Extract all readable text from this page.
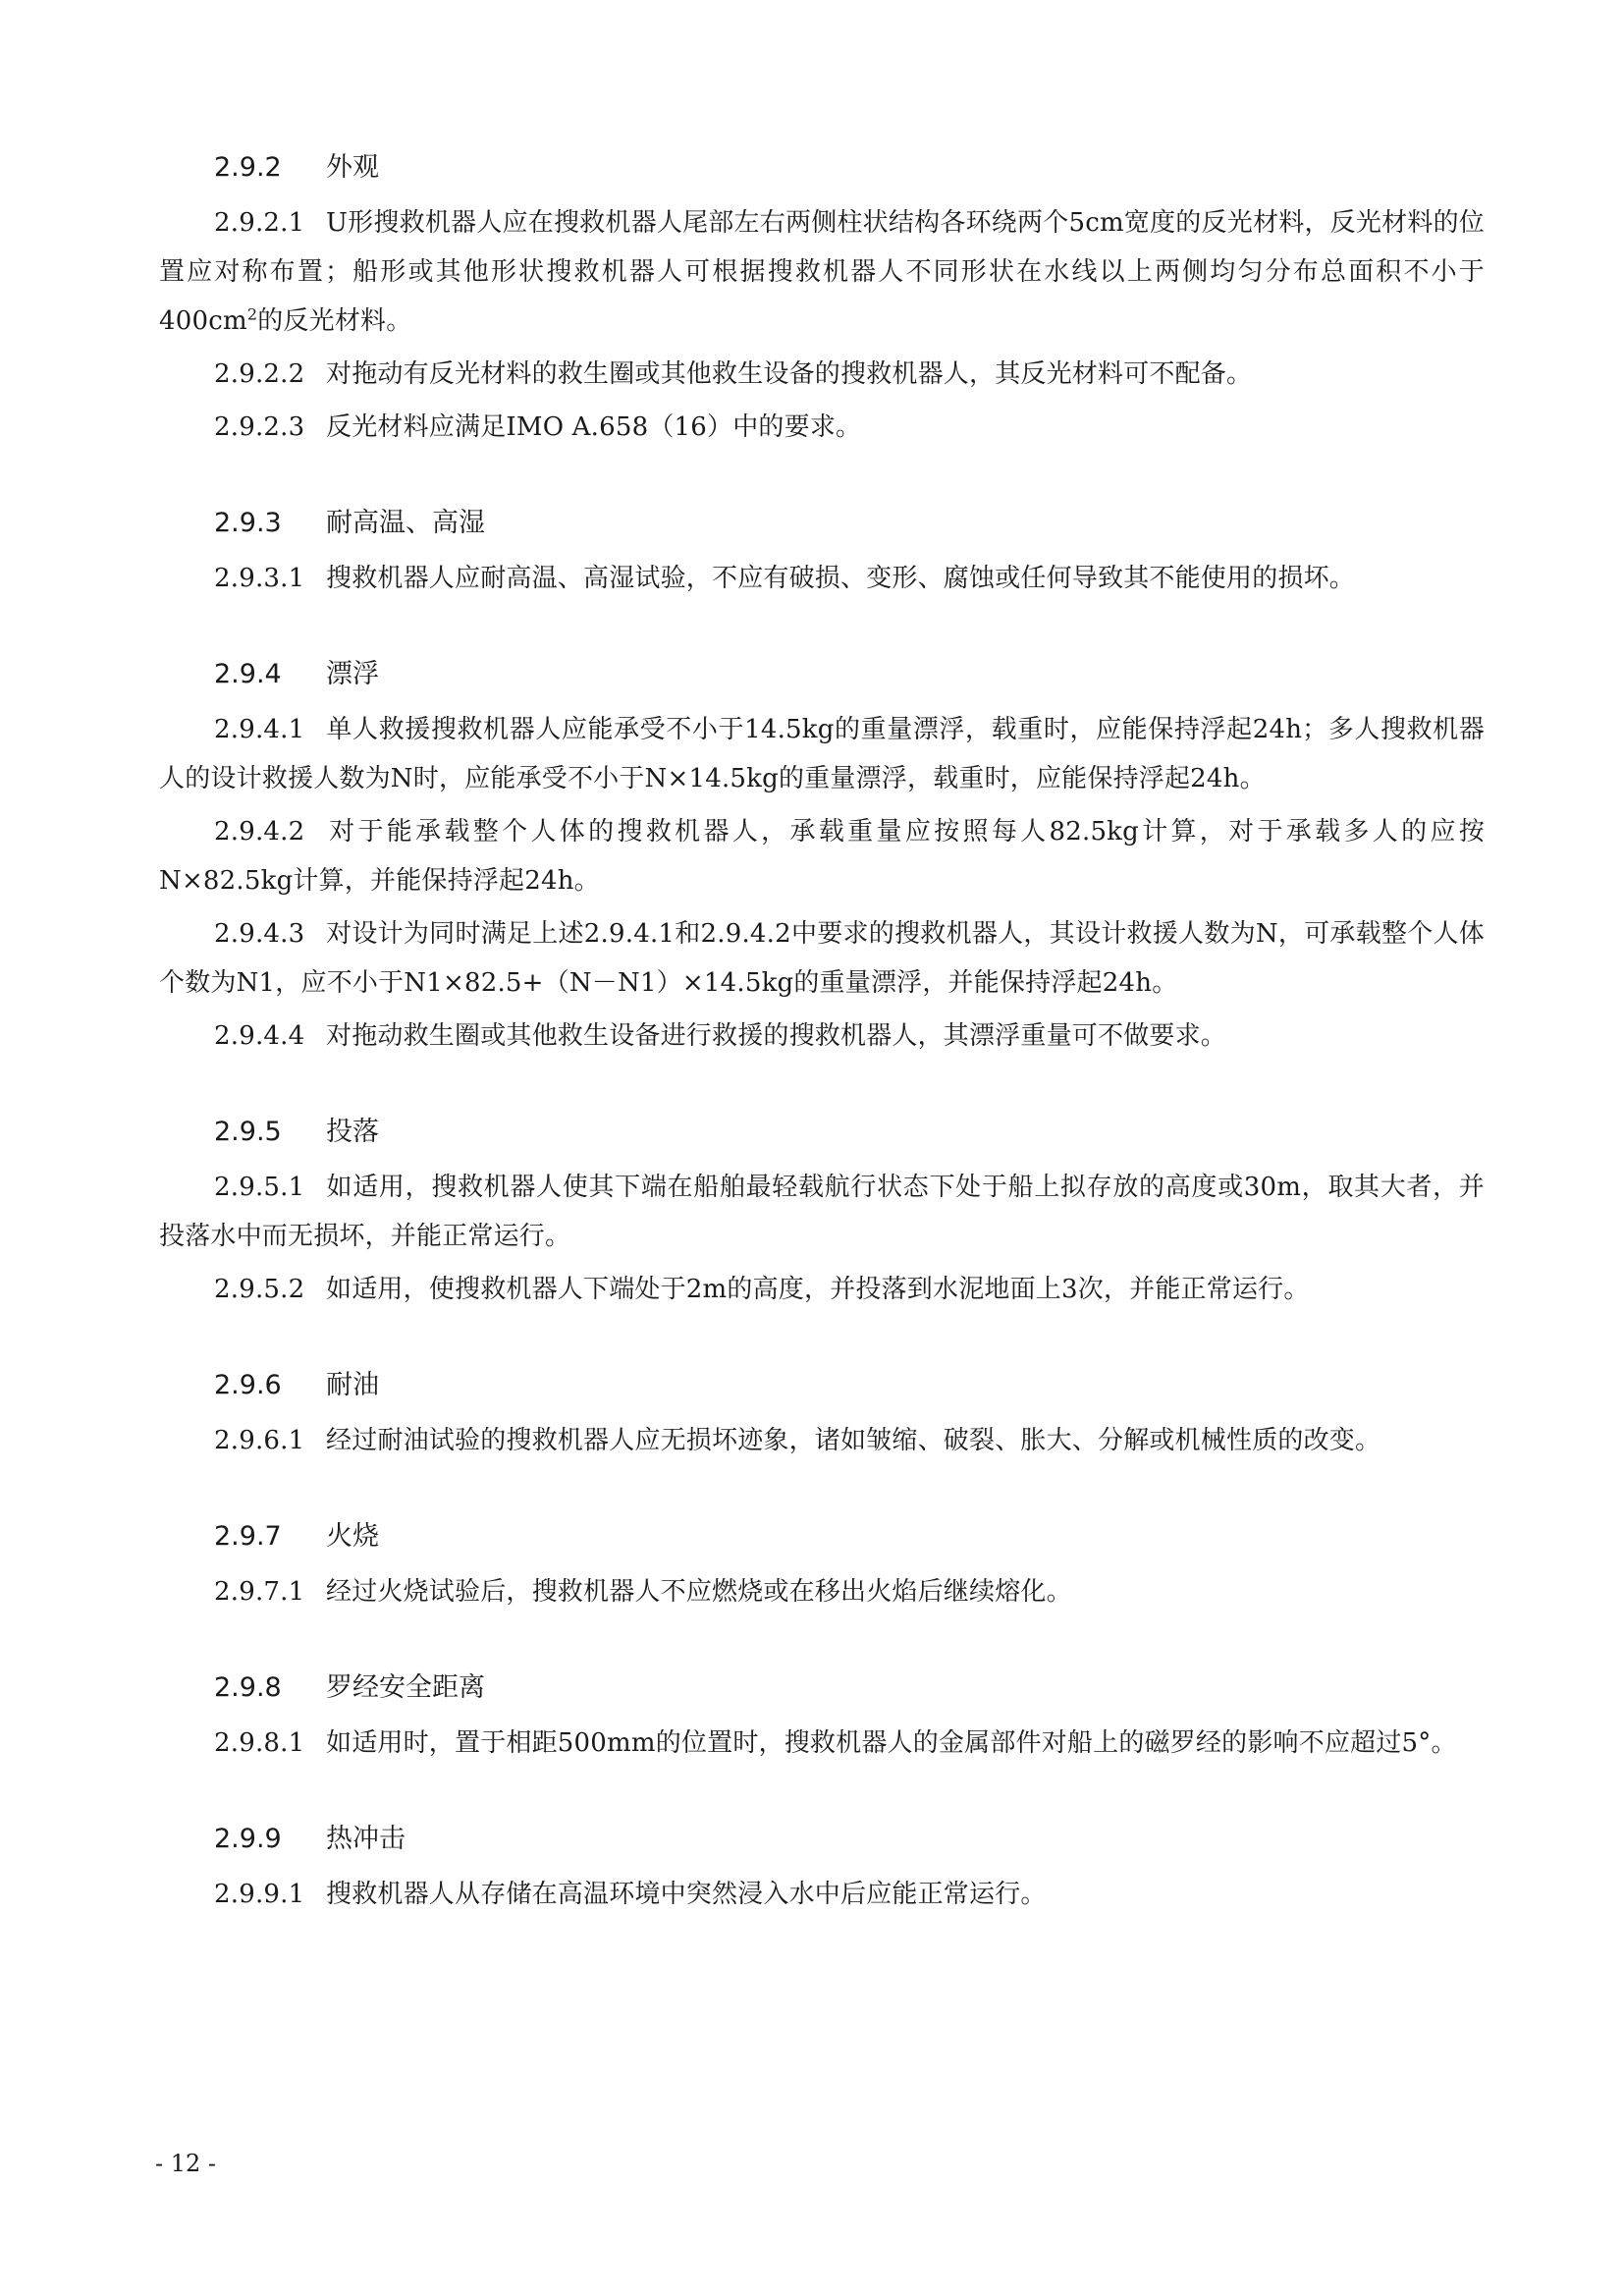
2.9.2 外观

2.9.2.1 U形搜救机器人应在搜救机器人尾部左右两侧柱状结构各环绕两个5cm宽度的反光材料，反光材料的位置应对称布置；船形或其他形状搜救机器人可根据搜救机器人不同形状在水线以上两侧均匀分布总面积不小于$400cm^2$的反光材料。

2.9.2.2 对拖动有反光材料的救生圈或其他救生设备的搜救机器人，其反光材料可不配备。

2.9.2.3 反光材料应满足IMO A.658（16）中的要求。

2.9.3 耐高温、高湿

2.9.3.1 搜救机器人应耐高温、高湿试验，不应有破损、变形、腐蚀或任何导致其不能使用的损坏。

2.9.4 漂浮

2.9.4.1 单人救援搜救机器人应能承受不小于14.5kg的重量漂浮，载重时，应能保持浮起24h；多人搜救机器人的设计救援人数为N时，应能承受不小于N×14.5kg的重量漂浮，载重时，应能保持浮起24h。

2.9.4.2 对于能承载整个人体的搜救机器人，承载重量应按照每人82.5kg计算，对于承载多人的应按N×82.5kg计算，并能保持浮起24h。

2.9.4.3 对设计为同时满足上述2.9.4.1和2.9.4.2中要求的搜救机器人，其设计救援人数为N，可承载整个人体个数为N1，应不小于N1×82.5+（N－N1）×14.5kg的重量漂浮，并能保持浮起24h。

2.9.4.4 对拖动救生圈或其他救生设备进行救援的搜救机器人，其漂浮重量可不做要求。

2.9.5 投落

2.9.5.1 如适用，搜救机器人使其下端在船舶最轻载航行状态下处于船上拟存放的高度或30m，取其大者，并投落水中而无损坏，并能正常运行。

2.9.5.2 如适用，使搜救机器人下端处于2m的高度，并投落到水泥地面上3次，并能正常运行。

2.9.6 耐油

2.9.6.1 经过耐油试验的搜救机器人应无损坏迹象，诸如皱缩、破裂、胀大、分解或机械性质的改变。

2.9.7 火烧

2.9.7.1 经过火烧试验后，搜救机器人不应燃烧或在移出火焰后继续熔化。

2.9.8 罗经安全距离

2.9.8.1 如适用时，置于相距500mm的位置时，搜救机器人的金属部件对船上的磁罗经的影响不应超过5°。

2.9.9 热冲击

2.9.9.1 搜救机器人从存储在高温环境中突然浸入水中后应能正常运行。

- 12 -
